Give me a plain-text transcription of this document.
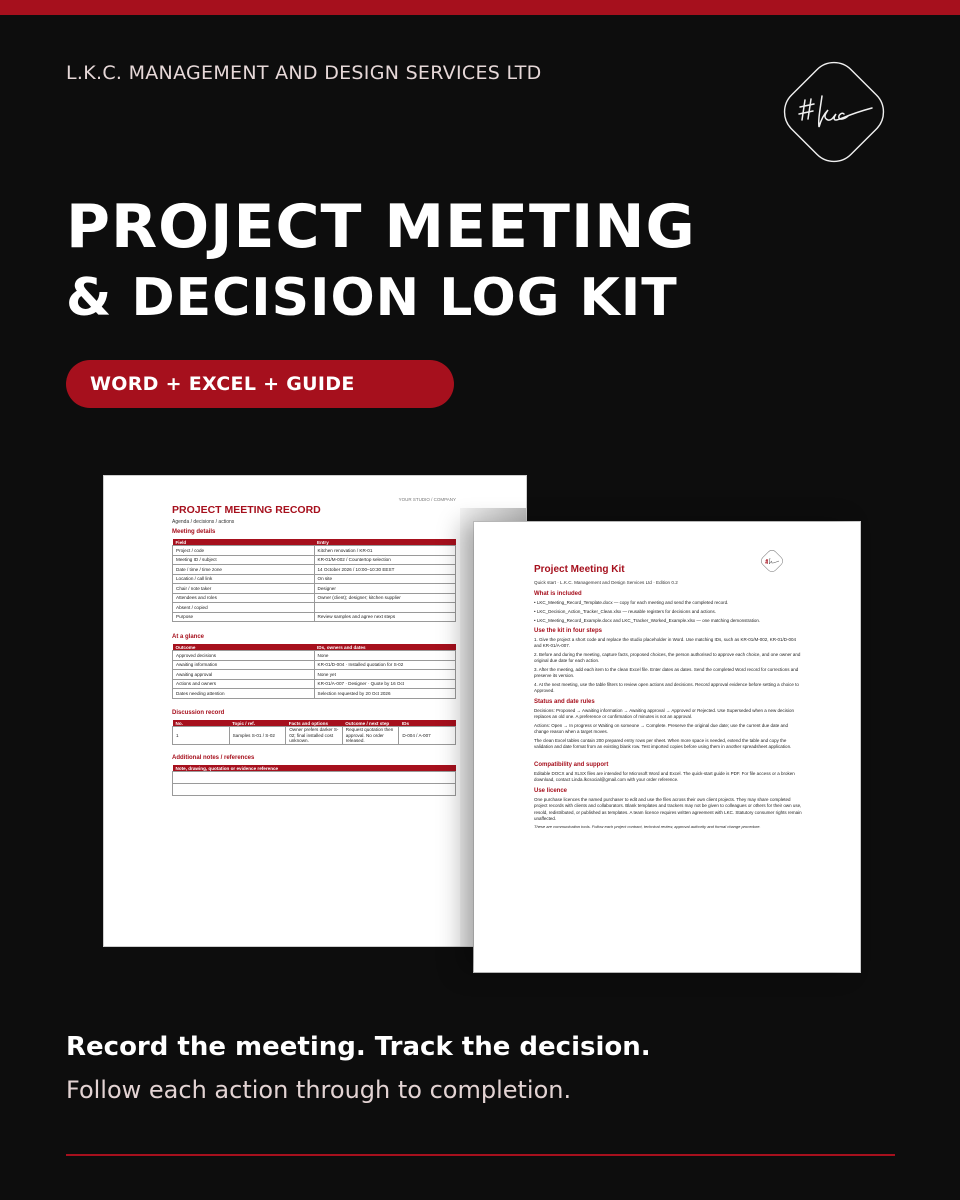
L.K.C. MANAGEMENT AND DESIGN SERVICES LTD
PROJECT MEETING
& DECISION LOG KIT
WORD + EXCEL + GUIDE
YOUR STUDIO / COMPANY
PROJECT MEETING RECORD
Agenda / decisions / actions
Meeting details
Field	Entry
Project / code	Kitchen renovation / KR-01
Meeting ID / subject	KR-01/M-002 / Countertop selection
Date / time / time zone	14 October 2026 / 10:00–10:30 EEST
Location / call link	On site
Chair / note taker	Designer
Attendees and roles	Owner (client); designer; kitchen supplier
Absent / copied	
Purpose	Review samples and agree next steps
At a glance
Outcome	IDs, owners and dates
Approved decisions	None
Awaiting information	KR-01/D-004 · Installed quotation for S-02
Awaiting approval	None yet
Actions and owners	KR-01/A-007 · Designer · Quote by 16 Oct
Dates needing attention	Selection requested by 20 Oct 2026
Discussion record
No.	Topic / ref.	Facts and options	Outcome / next step	IDs
1	Samples S-01 / S-02	Owner prefers darker S-02; final installed cost unknown.	Request quotation then approval. No order released.	D-004 / A-007
Additional notes / references
Note, drawing, quotation or evidence reference

Project Meeting Kit
Quick start · L.K.C. Management and Design Services Ltd · Edition 0.2
What is included
• LKC_Meeting_Record_Template.docx — copy for each meeting and send the completed record.
• LKC_Decision_Action_Tracker_Clean.xlsx — reusable registers for decisions and actions.
• LKC_Meeting_Record_Example.docx and LKC_Tracker_Worked_Example.xlsx — one matching demonstration.
Use the kit in four steps
1. Give the project a short code and replace the studio placeholder in Word. Use matching IDs, such as KR-01/M-002, KR-01/D-004 and KR-01/A-007.
2. Before and during the meeting, capture facts, proposed choices, the person authorised to approve each choice, and one owner and original due date for each action.
3. After the meeting, add each item to the clean Excel file. Enter dates as dates. Send the completed Word record for corrections and preserve its version.
4. At the next meeting, use the table filters to review open actions and decisions. Record approval evidence before setting a choice to Approved.
Status and date rules
Decisions: Proposed → Awaiting information → Awaiting approval → Approved or Rejected. Use Superseded when a new decision replaces an old one. A preference or confirmation of minutes is not an approval.
Actions: Open → In progress or Waiting on someone → Complete. Preserve the original due date; use the current due date and change reason when a target moves.
The clean Excel tables contain 200 prepared entry rows per sheet. When more space is needed, extend the table and copy the validation and date format from an existing blank row. Test imported copies before using them in another spreadsheet application.
Compatibility and support
Editable DOCX and XLSX files are intended for Microsoft Word and Excel. The quick-start guide is PDF. For file access or a broken download, contact Linda.lkcsocial@gmail.com with your order reference.
Use licence
One purchase licences the named purchaser to edit and use the files across their own client projects. They may share completed project records with clients and collaborators. Blank templates and trackers may not be given to colleagues or others for their own use, resold, redistributed, or published as templates. A team licence requires written agreement with LKC. Statutory consumer rights remain unaffected.
These are communication tools. Follow each project contract, technical review, approval authority and formal change procedure.
Record the meeting. Track the decision.
Follow each action through to completion.
